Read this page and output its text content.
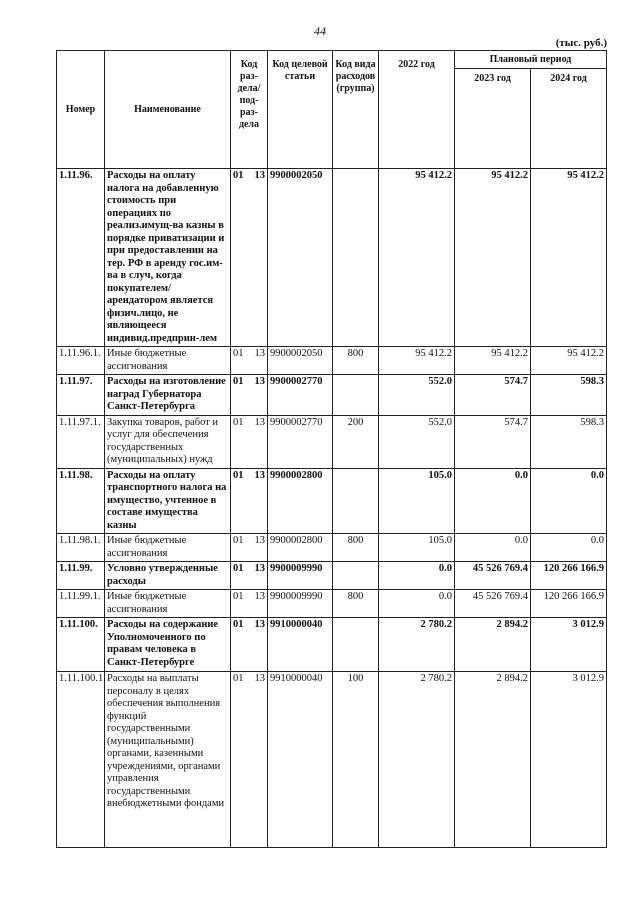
44
(тыс. руб.)
Номер	Наименование	Код раз-дела/ под-раз-дела	Код целевой статьи	Код вида расходов (группа)	2022 год	Плановый период	
						2023 год	2024 год
1.11.96.	Расходы на оплату налога на добавленную стоимость при операциях по реализ.имущ-ва казны в порядке приватизации и при предоставлении на тер. РФ в аренду гос.им-ва в случ, когда покупателем/арендатором является физич.лицо, не являющееся индивид.предприн-лем	01 13	9900002050		95 412.2	95 412.2	95 412.2
1.11.96.1.	Иные бюджетные ассигнования	01 13	9900002050	800	95 412.2	95 412.2	95 412.2
1.11.97.	Расходы на изготовление наград Губернатора Санкт-Петербурга	01 13	9900002770		552.0	574.7	598.3
1.11.97.1.	Закупка товаров, работ и услуг для обеспечения государственных (муниципальных) нужд	01 13	9900002770	200	552.0	574.7	598.3
1.11.98.	Расходы на оплату транспортного налога на имущество, учтенное в составе имущества казны	01 13	9900002800		105.0	0.0	0.0
1.11.98.1.	Иные бюджетные ассигнования	01 13	9900002800	800	105.0	0.0	0.0
1.11.99.	Условно утвержденные расходы	01 13	9900009990		0.0	45 526 769.4	120 266 166.9
1.11.99.1.	Иные бюджетные ассигнования	01 13	9900009990	800	0.0	45 526 769.4	120 266 166.9
1.11.100.	Расходы на содержание Уполномоченного по правам человека в Санкт-Петербурге	01 13	9910000040		2 780.2	2 894.2	3 012.9
1.11.100.1.	Расходы на выплаты персоналу в целях обеспечения выполнения функций государственными (муниципальными) органами, казенными учреждениями, органами управления государственными внебюджетными фондами	01 13	9910000040	100	2 780.2	2 894.2	3 012.9
